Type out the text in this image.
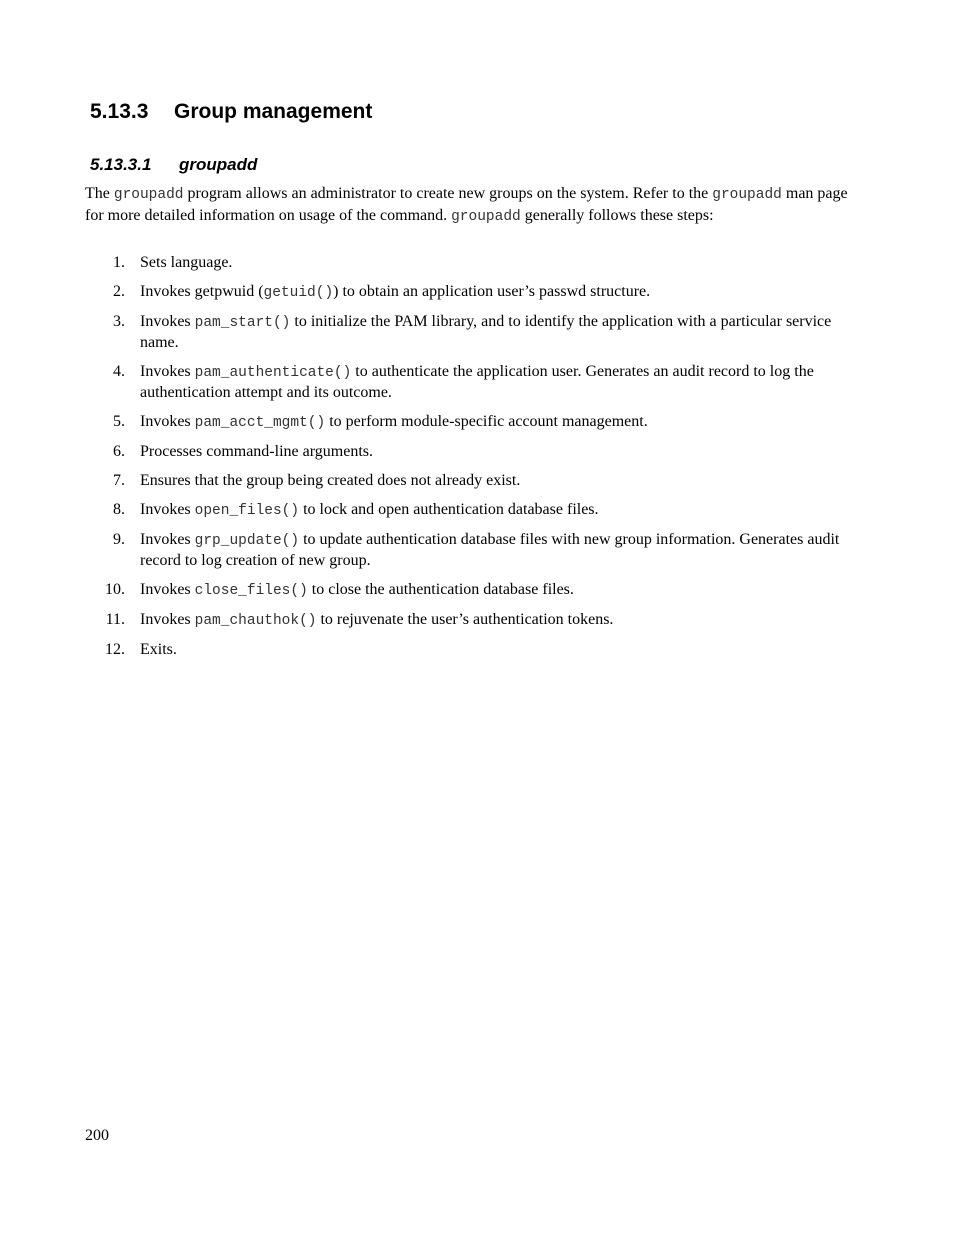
5.13.3 Group management
5.13.3.1 groupadd

The groupadd program allows an administrator to create new groups on the system. Refer to the groupadd man page for more detailed information on usage of the command. groupadd generally follows these steps:

1. Sets language.
2. Invokes getpwuid (getuid()) to obtain an application user’s passwd structure.
3. Invokes pam_start() to initialize the PAM library, and to identify the application with a particular service name.
4. Invokes pam_authenticate() to authenticate the application user. Generates an audit record to log the authentication attempt and its outcome.
5. Invokes pam_acct_mgmt() to perform module-specific account management.
6. Processes command-line arguments.
7. Ensures that the group being created does not already exist.
8. Invokes open_files() to lock and open authentication database files.
9. Invokes grp_update() to update authentication database files with new group information. Generates audit record to log creation of new group.
10. Invokes close_files() to close the authentication database files.
11. Invokes pam_chauthok() to rejuvenate the user’s authentication tokens.
12. Exits.
200
